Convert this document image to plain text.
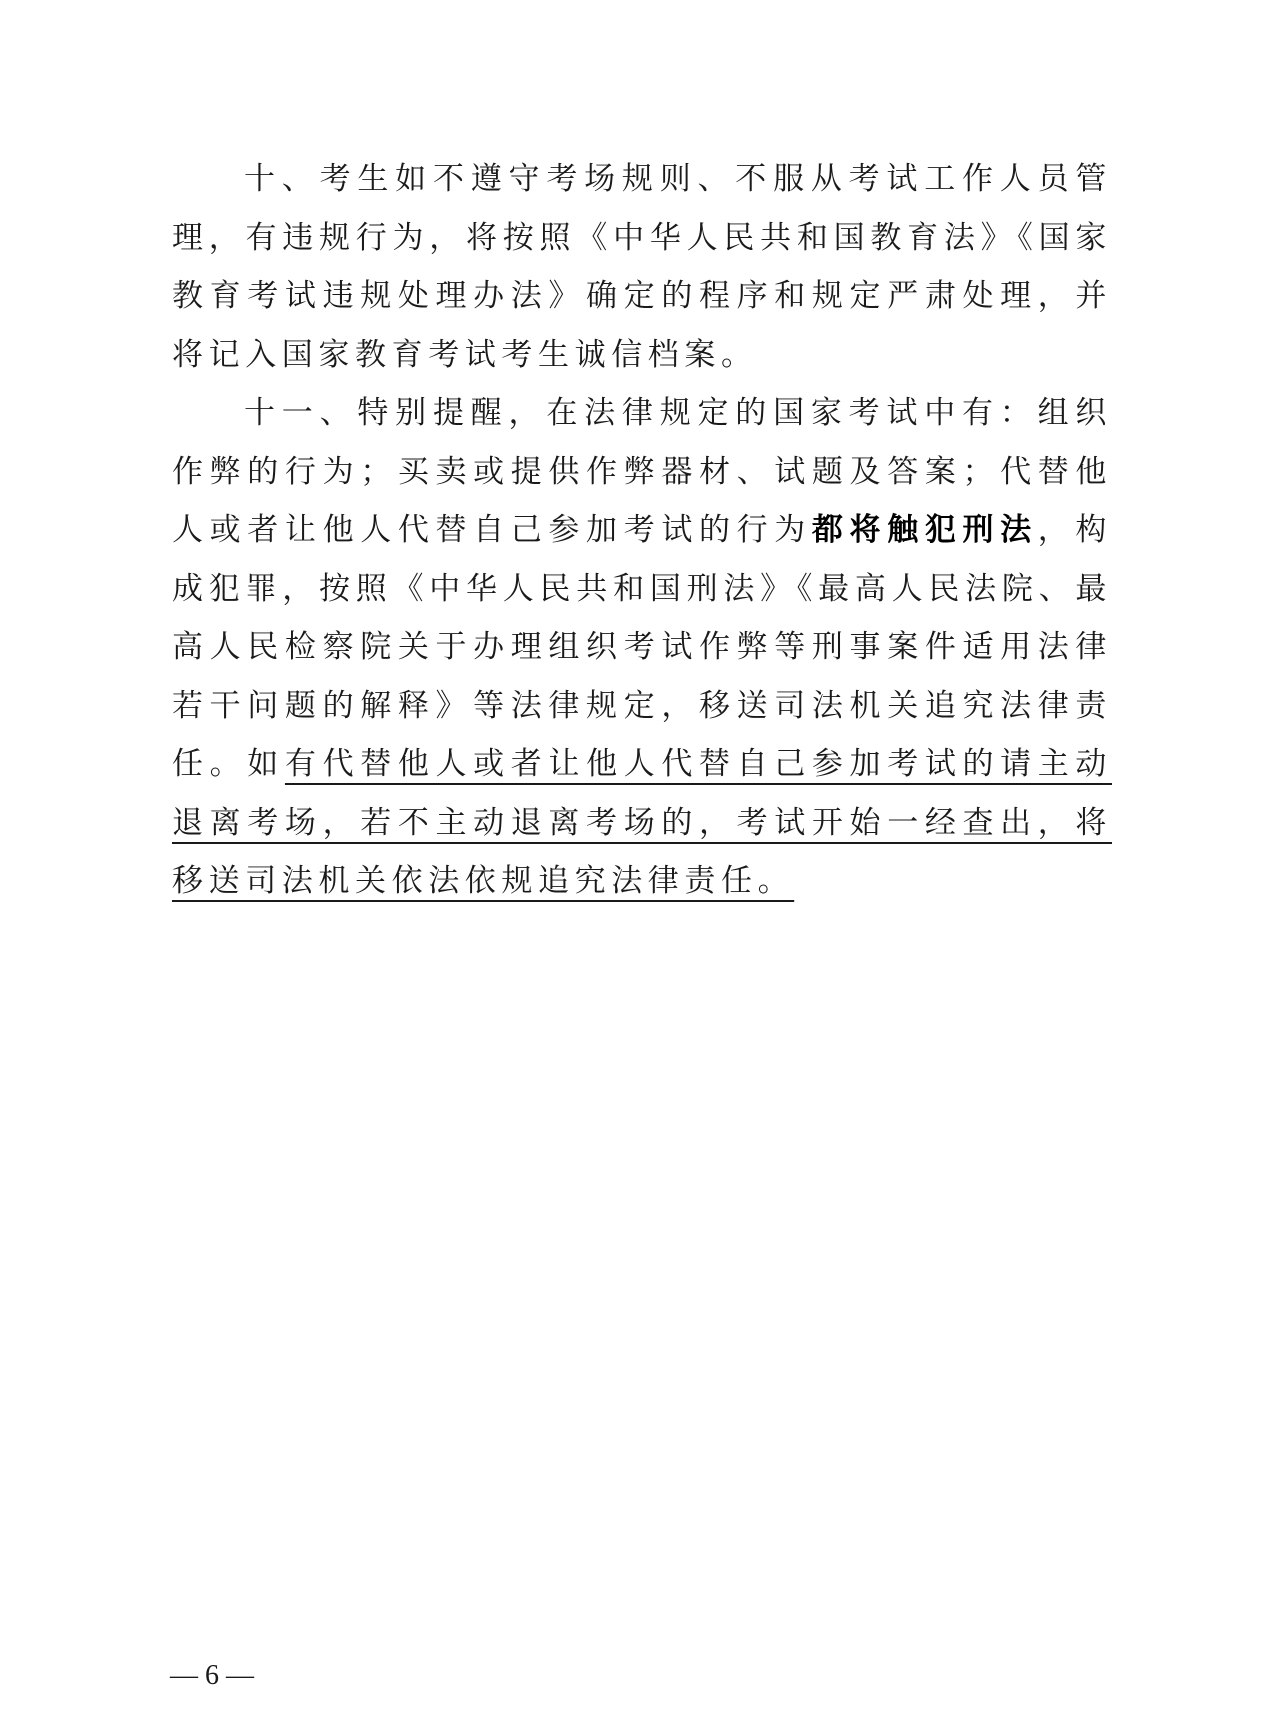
十、考生如不遵守考场规则、不服从考试工作人员管理，有违规行为，将按照《中华人民共和国教育法》《国家教育考试违规处理办法》确定的程序和规定严肃处理，并将记入国家教育考试考生诚信档案。

十一、特别提醒，在法律规定的国家考试中有：组织作弊的行为；买卖或提供作弊器材、试题及答案；代替他人或者让他人代替自己参加考试的行为都将触犯刑法，构成犯罪，按照《中华人民共和国刑法》《最高人民法院、最高人民检察院关于办理组织考试作弊等刑事案件适用法律若干问题的解释》等法律规定，移送司法机关追究法律责任。如有代替他人或者让他人代替自己参加考试的请主动退离考场，若不主动退离考场的，考试开始一经查出，将移送司法机关依法依规追究法律责任。

— 6 —
